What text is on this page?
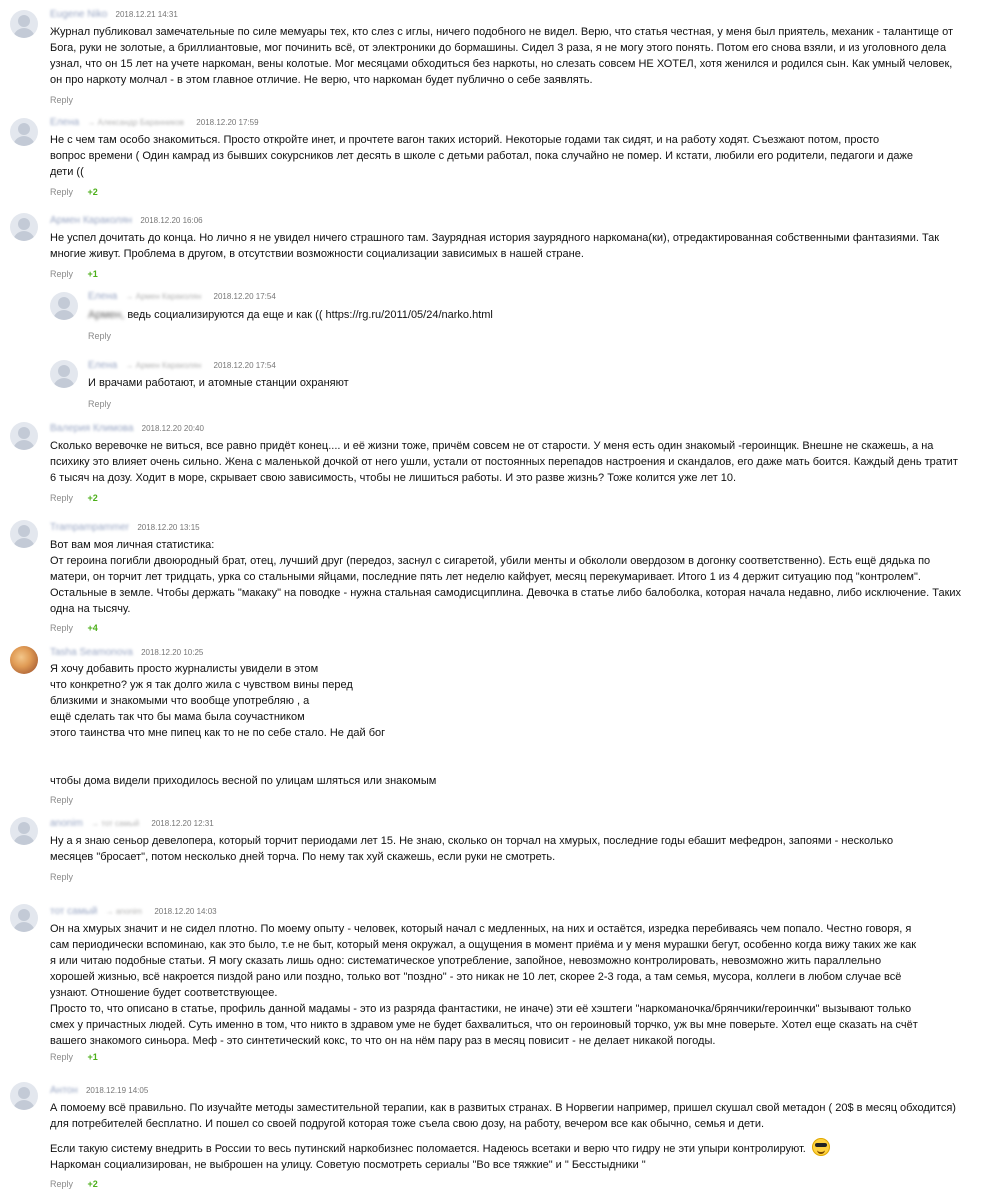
Eugene Niko 2018.12.21 14:31

Журнал публиковал замечательные по силе мемуары тех, кто слез с иглы, ничего подобного не видел. Верю, что статья честная, у меня был приятель, механик - талантище от

Бога, руки не золотые, а бриллиантовые, мог починить всё, от электроники до бормашины. Сидел 3 раза, я не могу этого понять. Потом его снова взяли, и из уголовного дела

узнал, что он 15 лет на учете наркоман, вены колотые. Мог месяцами обходиться без наркоты, но слезать совсем НЕ ХОТЕЛ, хотя женился и родился сын. Как умный человек,

он про наркоту молчал - в этом главное отличие. Не верю, что наркоман будет публично о себе заявлять.

Reply
Елена → Александр Баранников 2018.12.20 17:59

Не с чем там особо знакомиться. Просто откройте инет, и прочтете вагон таких историй. Некоторые годами так сидят, и на работу ходят. Съезжают потом, просто

вопрос времени ( Один камрад из бывших сокурсников лет десять в школе с детьми работал, пока случайно не помер. И кстати, любили его родители, педагоги и даже

дети ((

Reply +2
Армен Караколян 2018.12.20 16:06

Не успел дочитать до конца. Но лично я не увидел ничего страшного там. Заурядная история заурядного наркомана(ки), отредактированная собственными фантазиями. Так

многие живут. Проблема в другом, в отсутствии возможности социализации зависимых в нашей стране.

Reply +1
Елена → Армен Караколян 2018.12.20 17:54

Армен, ведь социализируются да еще и как (( https://rg.ru/2011/05/24/narko.html

Reply
Елена → Армен Караколян 2018.12.20 17:54

И врачами работают, и атомные станции охраняют

Reply
Валерия Климова 2018.12.20 20:40

Сколько веревочке не виться, все равно придёт конец.... и её жизни тоже, причём совсем не от старости. У меня есть один знакомый -героинщик. Внешне не скажешь, а на

психику это влияет очень сильно. Жена с маленькой дочкой от него ушли, устали от постоянных перепадов настроения и скандалов, его даже мать боится. Каждый день тратит

6 тысяч на дозу. Ходит в море, скрывает свою зависимость, чтобы не лишиться работы. И это разве жизнь? Тоже колится уже лет 10.

Reply +2
Trampampammer 2018.12.20 13:15

Вот вам моя личная статистика:

От героина погибли двоюродный брат, отец, лучший друг (передоз, заснул с сигаретой, убили менты и обкололи овердозом в догонку соответственно). Есть ещё дядька по

матери, он торчит лет тридцать, урка со стальными яйцами, последние пять лет неделю кайфует, месяц перекумаривает. Итого 1 из 4 держит ситуацию под "контролем".

Остальные в земле. Чтобы держать "макаку" на поводке - нужна стальная самодисциплина. Девочка в статье либо балоболка, которая начала недавно, либо исключение. Таких

одна на тысячу.

Reply +4
Tasha Seamonova 2018.12.20 10:25

Я хочу добавить просто журналисты увидели в этом

что конкретно? уж я так долго жила с чувством вины перед

близкими и знакомыми что вообще употребляю , а

ещё сделать так что бы мама была соучастником

этого таинства что мне пипец как то не по себе стало. Не дай бог

чтобы дома видели приходилось весной по улицам шляться или знакомым

Reply
anonim → тот самый 2018.12.20 12:31

Ну а я знаю сеньор девелопера, который торчит периодами лет 15. Не знаю, сколько он торчал на хмурых, последние годы ебашит мефедрон, запоями - несколько

месяцев "бросает", потом несколько дней торча. По нему так хуй скажешь, если руки не смотреть.

Reply
тот самый → anonim 2018.12.20 14:03

Он на хмурых значит и не сидел плотно. По моему опыту - человек, который начал с медленных, на них и остаётся, изредка перебиваясь чем попало. Честно говоря, я

сам периодически вспоминаю, как это было, т.е не быт, который меня окружал, а ощущения в момент приёма и у меня мурашки бегут, особенно когда вижу таких же как

я или читаю подобные статьи. Я могу сказать лишь одно: систематическое употребление, запойное, невозможно контролировать, невозможно жить параллельно

хорошей жизнью, всё накроется пиздой рано или поздно, только вот "поздно" - это никак не 10 лет, скорее 2-3 года, а там семья, мусора, коллеги в любом случае всё

узнают. Отношение будет соответствующее.

Просто то, что описано в статье, профиль данной мадамы - это из разряда фантастики, не иначе) эти её хэштеги "наркоманочка/брянчики/героинчки" вызывают только

смех у причастных людей. Суть именно в том, что никто в здравом уме не будет бахвалиться, что он героиновый торчко, уж вы мне поверьте. Хотел еще сказать на счёт

вашего знакомого синьора. Меф - это синтетический кокс, то что он на нём пару раз в месяц повисит - не делает никакой погоды.

Reply +1
Антон 2018.12.19 14:05

А помоему всё правильно. По изучайте методы заместительной терапии, как в развитых странах. В Норвегии например, пришел скушал свой метадон ( 20$ в месяц обходится)

для потребителей бесплатно. И пошел со своей подругой которая тоже съела свою дозу, на работу, вечером все как обычно, семья и дети.

Если такую систему внедрить в России то весь путинский наркобизнес поломается. Надеюсь всетаки и верю что гидру не эти упыри контролируют.

Наркоман социализирован, не выброшен на улицу. Советую посмотреть сериалы "Во все тяжкие" и " Бесстыдники "

Reply +2
